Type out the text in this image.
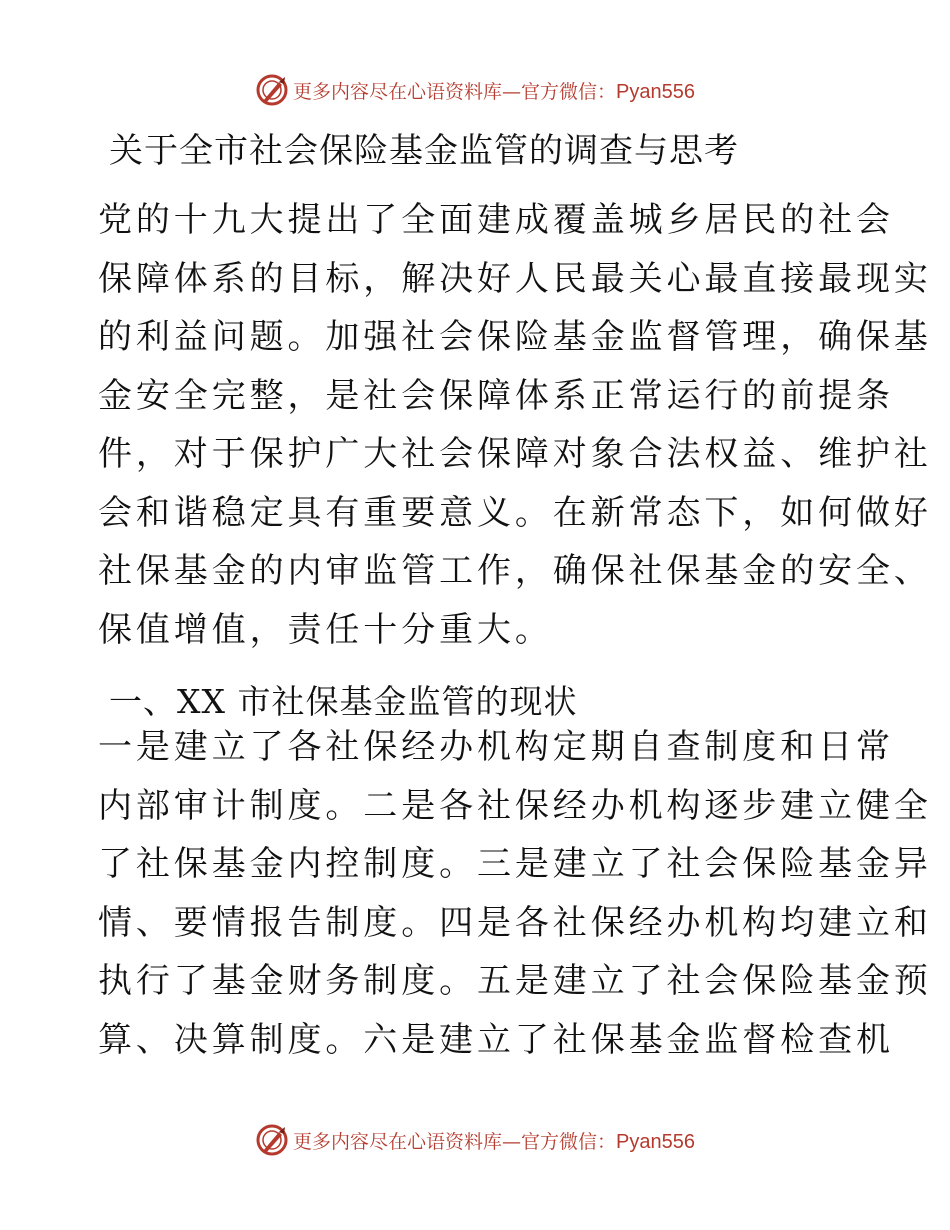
更多内容尽在心语资料库—官方微信：Pyan556
关于全市社会保险基金监管的调查与思考
党的十九大提出了全面建成覆盖城乡居民的社会
保障体系的目标，解决好人民最关心最直接最现实
的利益问题。加强社会保险基金监督管理，确保基
金安全完整，是社会保障体系正常运行的前提条
件，对于保护广大社会保障对象合法权益、维护社
会和谐稳定具有重要意义。在新常态下，如何做好
社保基金的内审监管工作，确保社保基金的安全、
保值增值，责任十分重大。
一、XX 市社保基金监管的现状
一是建立了各社保经办机构定期自查制度和日常
内部审计制度。二是各社保经办机构逐步建立健全
了社保基金内控制度。三是建立了社会保险基金异
情、要情报告制度。四是各社保经办机构均建立和
执行了基金财务制度。五是建立了社会保险基金预
算、决算制度。六是建立了社保基金监督检查机
更多内容尽在心语资料库—官方微信：Pyan556
